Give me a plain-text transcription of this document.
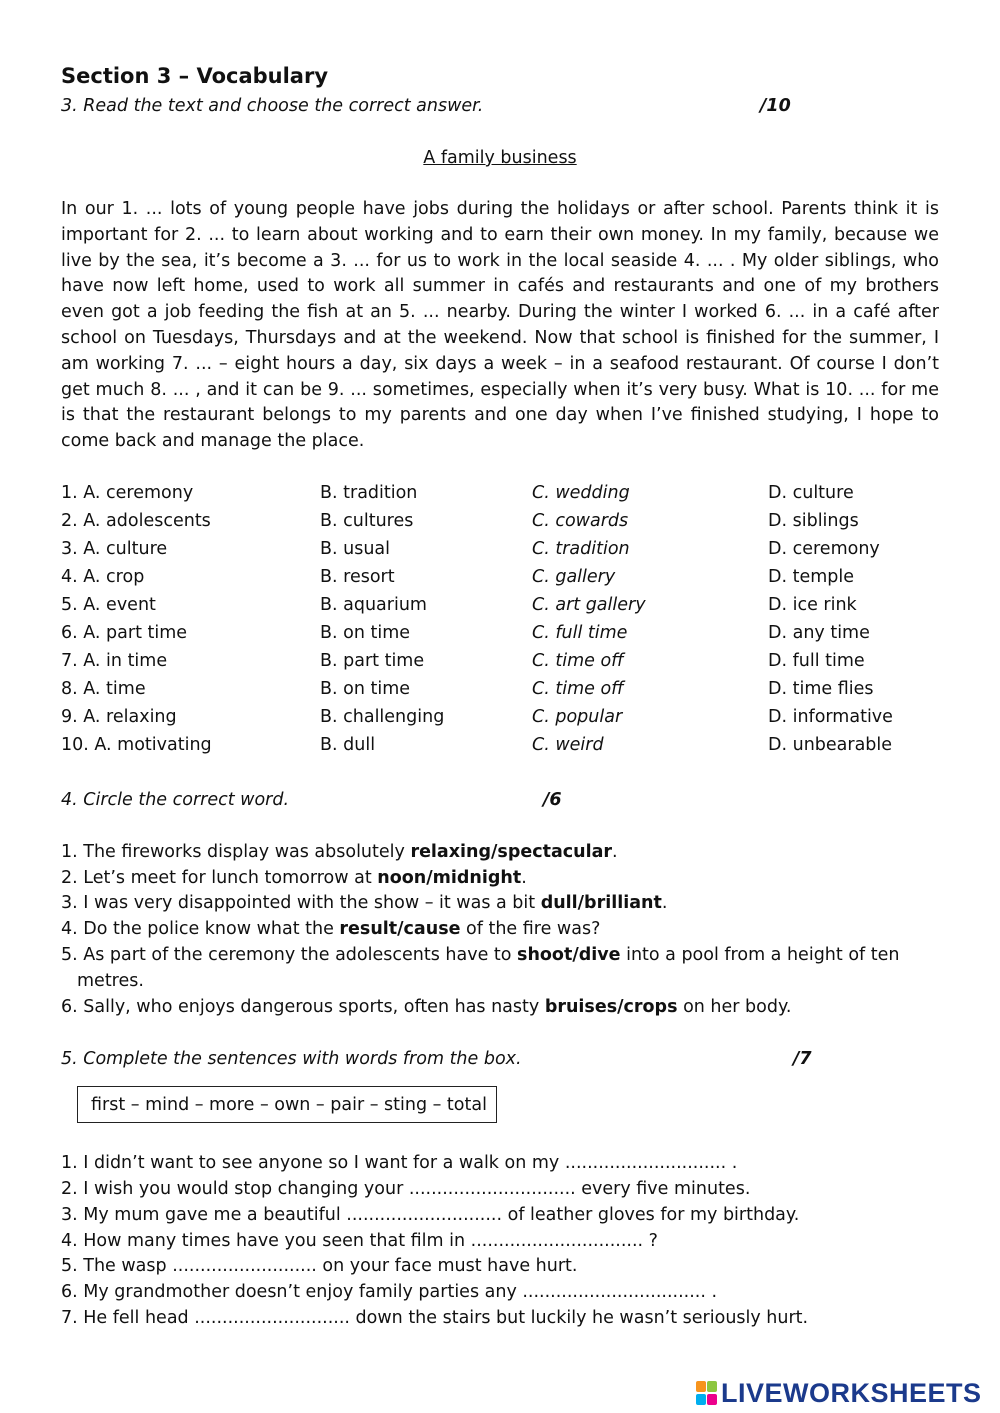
Section 3 – Vocabulary
3. Read the text and choose the correct answer.	/10
A family business
In our 1. ... lots of young people have jobs during the holidays or after school. Parents think it is important for 2. ... to learn about working and to earn their own money. In my family, because we live by the sea, it’s become a 3. ... for us to work in the local seaside 4. ... . My older siblings, who have now left home, used to work all summer in cafés and restaurants and one of my brothers even got a job feeding the fish at an 5. ... nearby. During the winter I worked 6. ... in a café after school on Tuesdays, Thursdays and at the weekend. Now that school is finished for the summer, I am working 7. ... – eight hours a day, six days a week – in a seafood restaurant. Of course I don’t get much 8. ... , and it can be 9. ... sometimes, especially when it’s very busy. What is 10. ... for me is that the restaurant belongs to my parents and one day when I’ve finished studying, I hope to come back and manage the place.
1. A. ceremony	B. tradition	C. wedding	D. culture
2. A. adolescents	B. cultures	C. cowards	D. siblings
3. A. culture	B. usual	C. tradition	D. ceremony
4. A. crop	B. resort	C. gallery	D. temple
5. A. event	B. aquarium	C. art gallery	D. ice rink
6. A. part time	B. on time	C. full time	D. any time
7. A. in time	B. part time	C. time off	D. full time
8. A. time	B. on time	C. time off	D. time flies
9. A. relaxing	B. challenging	C. popular	D. informative
10. A. motivating	B. dull	C. weird	D. unbearable
4. Circle the correct word.	/6
1. The fireworks display was absolutely relaxing/spectacular.
2. Let’s meet for lunch tomorrow at noon/midnight.
3. I was very disappointed with the show – it was a bit dull/brilliant.
4. Do the police know what the result/cause of the fire was?
5. As part of the ceremony the adolescents have to shoot/dive into a pool from a height of ten
metres.
6. Sally, who enjoys dangerous sports, often has nasty bruises/crops on her body.
5. Complete the sentences with words from the box.	/7
first – mind – more – own – pair – sting – total
1. I didn’t want to see anyone so I want for a walk on my ............................. .
2. I wish you would stop changing your .............................. every five minutes.
3. My mum gave me a beautiful ............................ of leather gloves for my birthday.
4. How many times have you seen that film in ............................... ?
5. The wasp .......................... on your face must have hurt.
6. My grandmother doesn’t enjoy family parties any ................................. .
7. He fell head ............................ down the stairs but luckily he wasn’t seriously hurt.
LIVEWORKSHEETS
